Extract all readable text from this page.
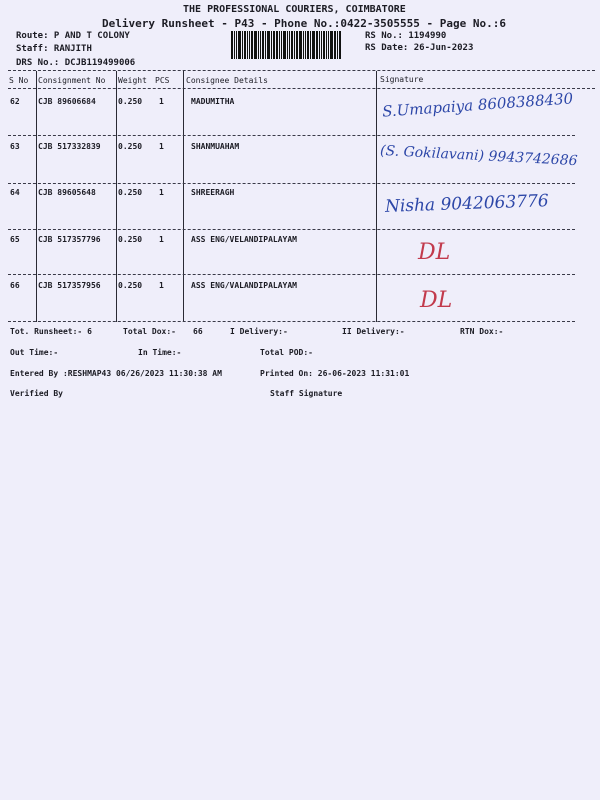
THE PROFESSIONAL COURIERS, COIMBATORE
Delivery Runsheet - P43 - Phone No.:0422-3505555 - Page No.:6
Route: P AND T COLONY
Staff: RANJITH
DRS No.: DCJB119499006
RS No.: 1194990
RS Date: 26-Jun-2023
S No Consignment No Weight PCS Consignee Details	Signature
62 CJB 89606684	0.250 1	MADUMITHA	S.Umapaiya 8608388430
63 CJB 517332839 0.250 1	SHANMUAHAM	(S. Gokilavani) 9943742686
64 CJB 89605648	0.250 1	SHREERAGH	Nisha 9042063776
65 CJB 517357796 0.250 1	ASS ENG/VELANDIPALAYAM
DL
66 CJB 517357956 0.250 1	ASS ENG/VALANDIPALAYAM
DL
Tot. Runsheet:- 6	Total Dox:- 66	I Delivery:-	II Delivery:-	RTN Dox:-
Out Time:-	In Time:-	Total POD:-
Entered By :RESHMAP43 06/26/2023 11:30:38 AM	Printed On: 26-06-2023 11:31:01
Verified By	Staff Signature
